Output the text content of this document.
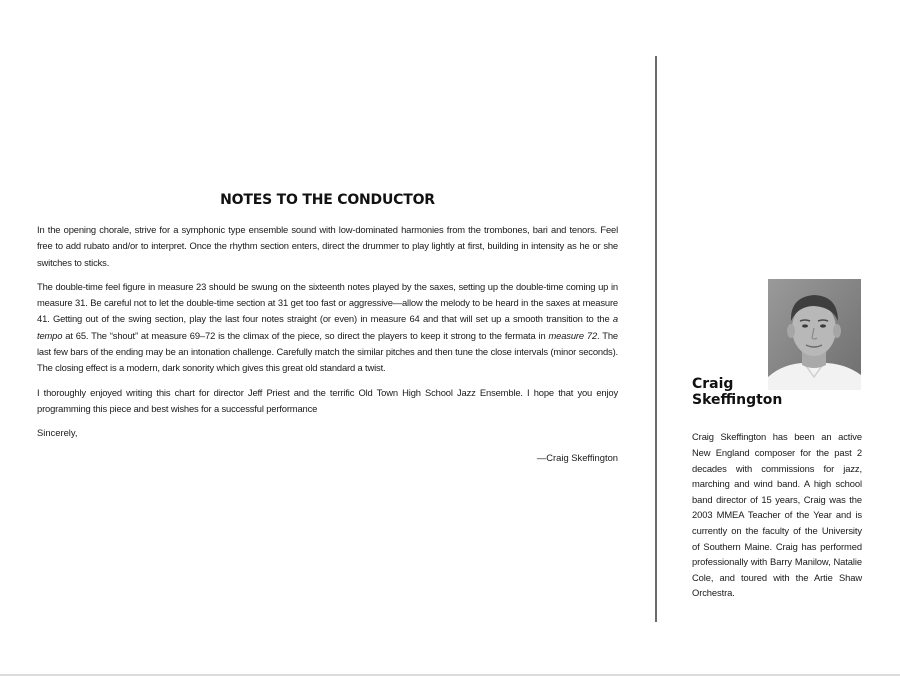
NOTES TO THE CONDUCTOR

In the opening chorale, strive for a symphonic type ensemble sound with low-dominated harmonies from the trombones, bari and tenors. Feel free to add rubato and/or to interpret. Once the rhythm section enters, direct the drummer to play lightly at first, building in intensity as he or she switches to sticks.

The double-time feel figure in measure 23 should be swung on the sixteenth notes played by the saxes, setting up the double-time coming up in measure 31. Be careful not to let the double-time section at 31 get too fast or aggressive—allow the melody to be heard in the saxes at measure 41. Getting out of the swing section, play the last four notes straight (or even) in measure 64 and that will set up a smooth transition to the a tempo at 65. The “shout” at measure 69–72 is the climax of the piece, so direct the players to keep it strong to the fermata in measure 72. The last few bars of the ending may be an intonation challenge. Carefully match the similar pitches and then tune the close intervals (minor seconds). The closing effect is a modern, dark sonority which gives this great old standard a twist.

I thoroughly enjoyed writing this chart for director Jeff Priest and the terrific Old Town High School Jazz Ensemble. I hope that you enjoy programming this piece and best wishes for a successful performance

Sincerely,

—Craig Skeffington

Craig
Skeffington

Craig Skeffington has been an active New England composer for the past 2 decades with commissions for jazz, marching and wind band. A high school band director of 15 years, Craig was the 2003 MMEA Teacher of the Year and is currently on the faculty of the University of Southern Maine. Craig has performed professionally with Barry Manilow, Natalie Cole, and toured with the Artie Shaw Orchestra.
